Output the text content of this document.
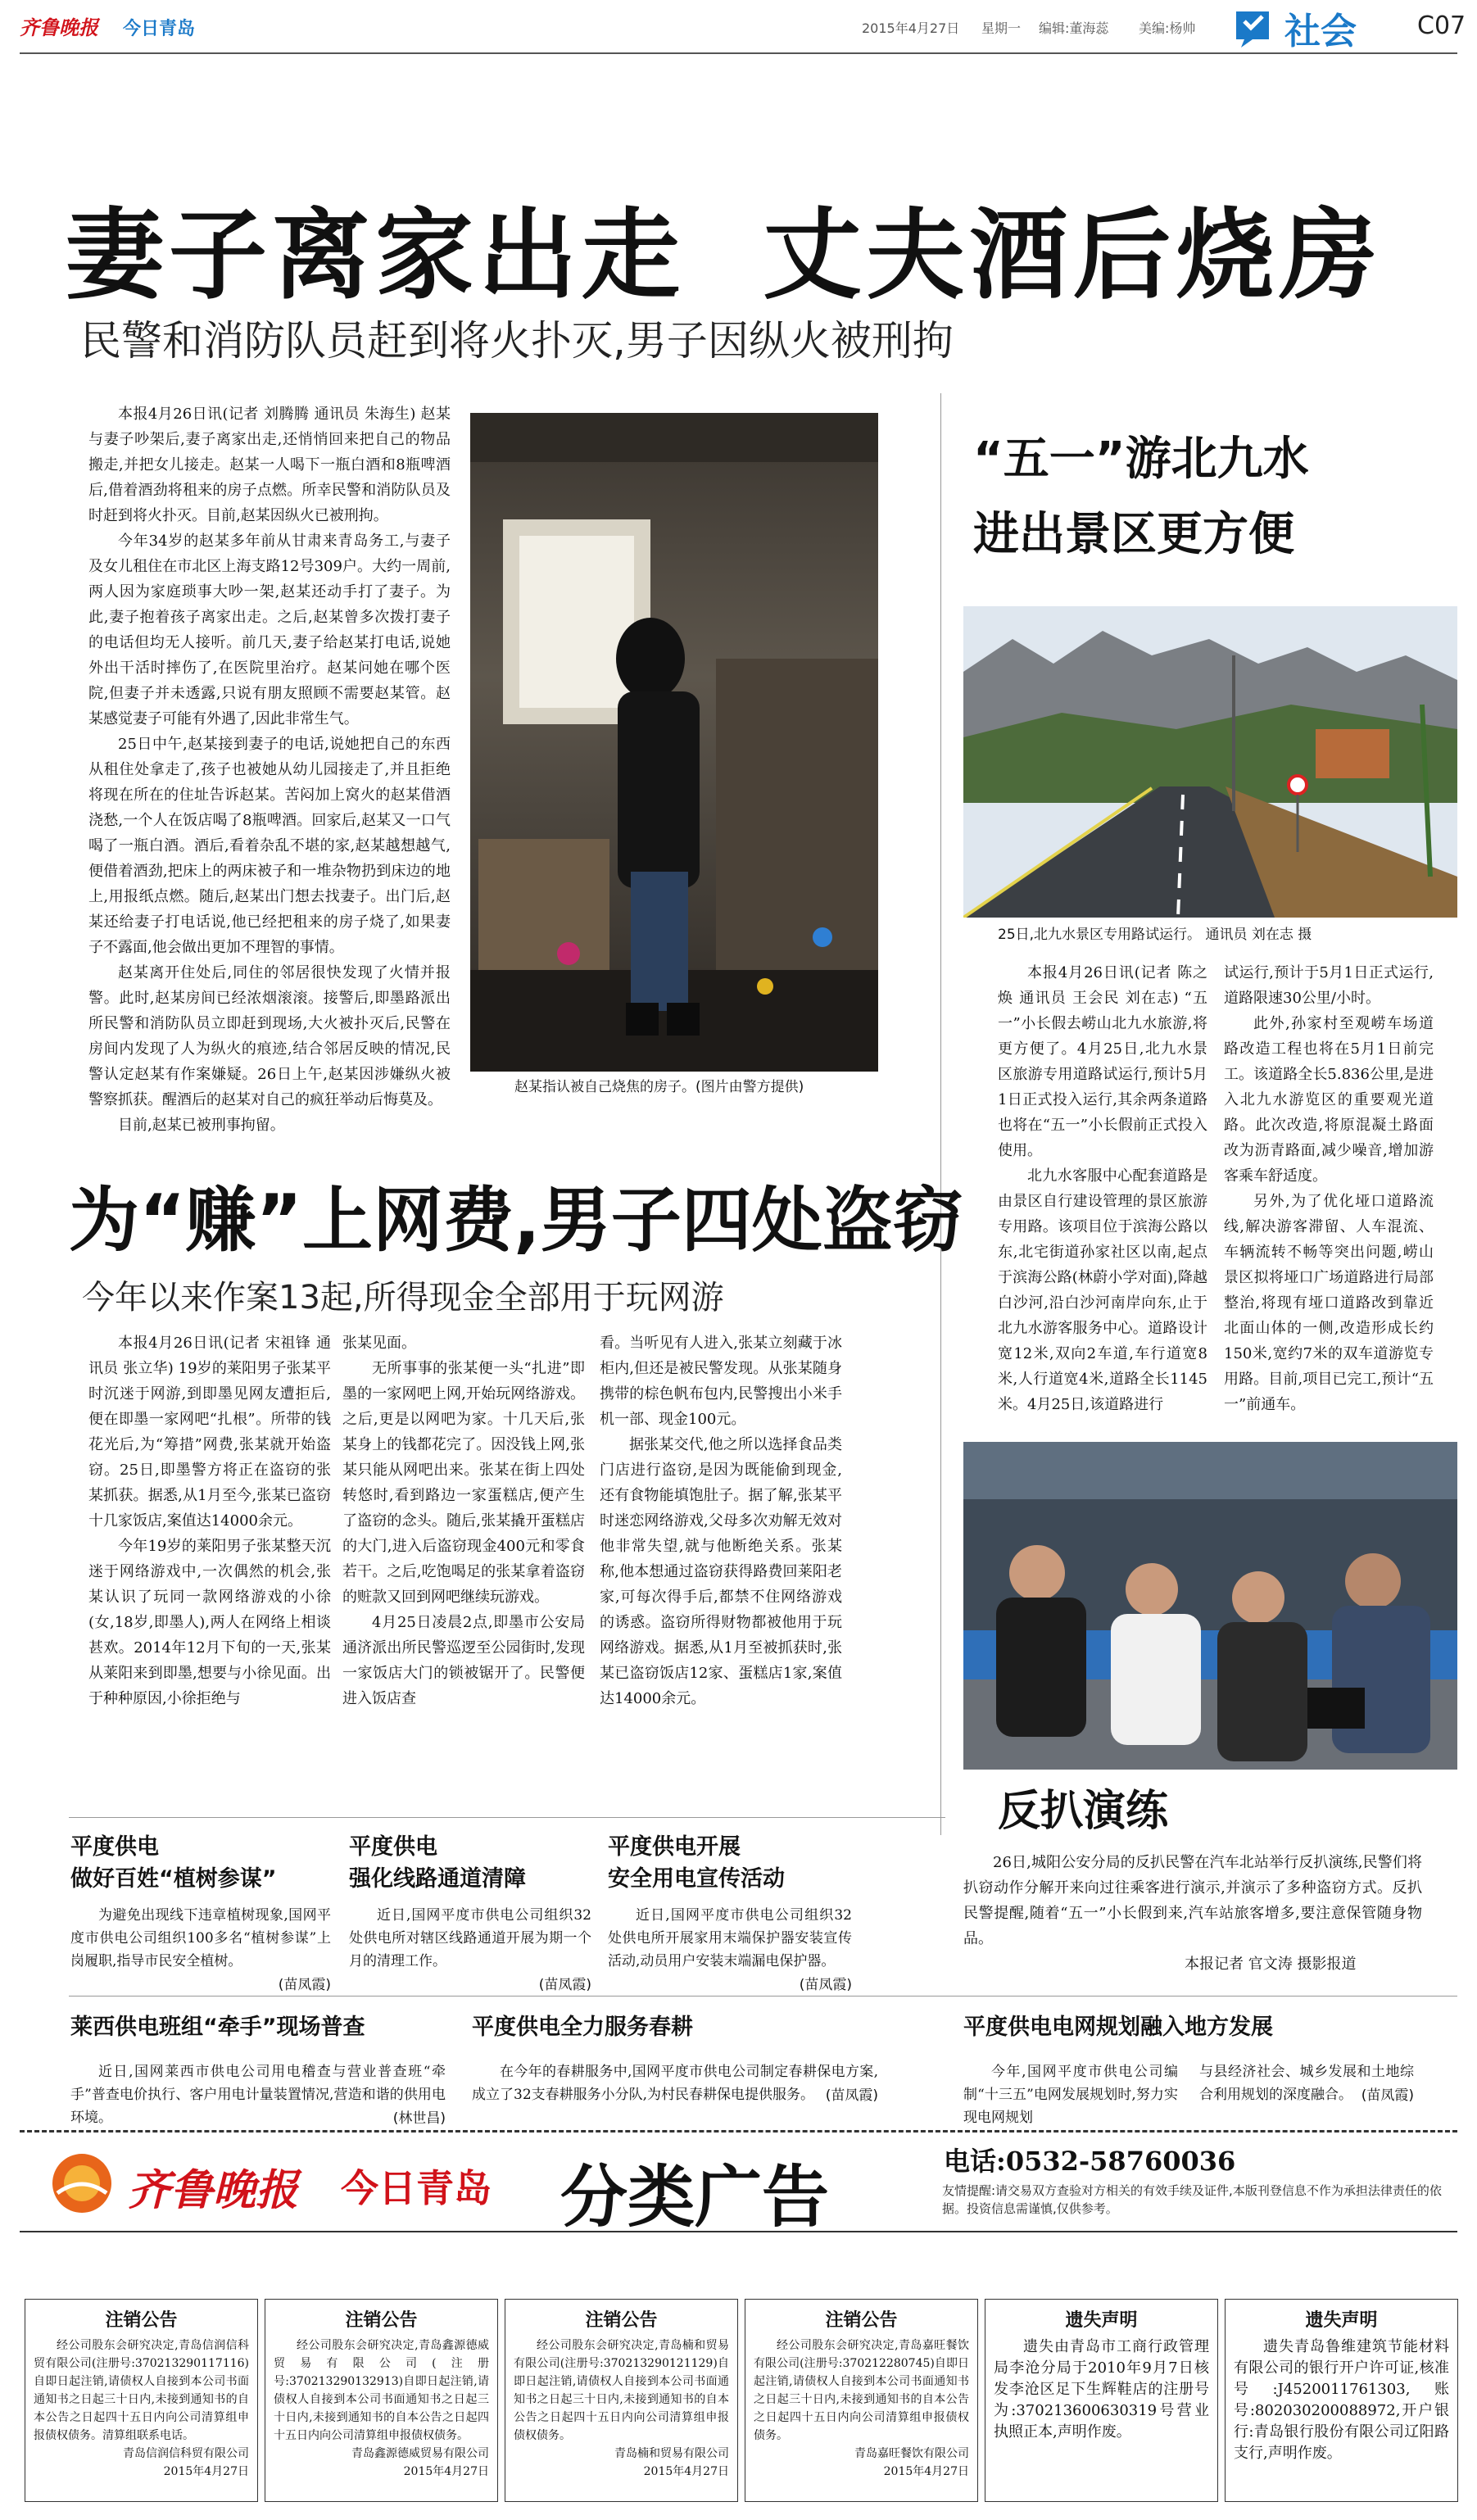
齐鲁晚报 今日青岛	2015年4月27日 星期一 编辑:董海蕊 美编:杨帅 社会 C07
妻子离家出走  丈夫酒后烧房
民警和消防队员赶到将火扑灭,男子因纵火被刑拘

本报4月26日讯(记者 刘腾腾 通讯员 朱海生) 赵某与妻子吵架后,妻子离家出走,还悄悄回来把自己的物品搬走,并把女儿接走。赵某一人喝下一瓶白酒和8瓶啤酒后,借着酒劲将租来的房子点燃。所幸民警和消防队员及时赶到将火扑灭。目前,赵某因纵火已被刑拘。

今年34岁的赵某多年前从甘肃来青岛务工,与妻子及女儿租住在市北区上海支路12号309户。大约一周前,两人因为家庭琐事大吵一架,赵某还动手打了妻子。为此,妻子抱着孩子离家出走。之后,赵某曾多次拨打妻子的电话但均无人接听。前几天,妻子给赵某打电话,说她外出干活时摔伤了,在医院里治疗。赵某问她在哪个医院,但妻子并未透露,只说有朋友照顾不需要赵某管。赵某感觉妻子可能有外遇了,因此非常生气。

25日中午,赵某接到妻子的电话,说她把自己的东西从租住处拿走了,孩子也被她从幼儿园接走了,并且拒绝将现在所在的住址告诉赵某。苦闷加上窝火的赵某借酒浇愁,一个人在饭店喝了8瓶啤酒。回家后,赵某又一口气喝了一瓶白酒。酒后,看着杂乱不堪的家,赵某越想越气,便借着酒劲,把床上的两床被子和一堆杂物扔到床边的地上,用报纸点燃。随后,赵某出门想去找妻子。出门后,赵某还给妻子打电话说,他已经把租来的房子烧了,如果妻子不露面,他会做出更加不理智的事情。

赵某离开住处后,同住的邻居很快发现了火情并报警。此时,赵某房间已经浓烟滚滚。接警后,即墨路派出所民警和消防队员立即赶到现场,大火被扑灭后,民警在房间内发现了人为纵火的痕迹,结合邻居反映的情况,民警认定赵某有作案嫌疑。26日上午,赵某因涉嫌纵火被警察抓获。醒酒后的赵某对自己的疯狂举动后悔莫及。

目前,赵某已被刑事拘留。

赵某指认被自己烧焦的房子。(图片由警方提供)
“五一”游北九水
进出景区更方便
25日,北九水景区专用路试运行。 通讯员 刘在志 摄

本报4月26日讯(记者 陈之焕 通讯员 王会民 刘在志) “五一”小长假去崂山北九水旅游,将更方便了。4月25日,北九水景区旅游专用道路试运行,预计5月1日正式投入运行,其余两条道路也将在“五一”小长假前正式投入使用。

北九水客服中心配套道路是由景区自行建设管理的景区旅游专用路。该项目位于滨海公路以东,北宅街道孙家社区以南,起点于滨海公路(林蔚小学对面),降越白沙河,沿白沙河南岸向东,止于北九水游客服务中心。道路设计宽12米,双向2车道,车行道宽8米,人行道宽4米,道路全长1145米。4月25日,该道路进行

试运行,预计于5月1日正式运行,道路限速30公里/小时。

此外,孙家村至观崂车场道路改造工程也将在5月1日前完工。该道路全长5.836公里,是进入北九水游览区的重要观光道路。此次改造,将原混凝土路面改为沥青路面,减少噪音,增加游客乘车舒适度。

另外,为了优化垭口道路流线,解决游客滞留、人车混流、车辆流转不畅等突出问题,崂山景区拟将垭口广场道路进行局部整治,将现有垭口道路改到靠近北面山体的一侧,改造形成长约150米,宽约7米的双车道游览专用路。目前,项目已完工,预计“五一”前通车。

为“赚”上网费,男子四处盗窃
今年以来作案13起,所得现金全部用于玩网游

本报4月26日讯(记者 宋祖锋 通讯员 张立华) 19岁的莱阳男子张某平时沉迷于网游,到即墨见网友遭拒后,便在即墨一家网吧“扎根”。所带的钱花光后,为“筹措”网费,张某就开始盗窃。25日,即墨警方将正在盗窃的张某抓获。据悉,从1月至今,张某已盗窃十几家饭店,案值达14000余元。

今年19岁的莱阳男子张某整天沉迷于网络游戏中,一次偶然的机会,张某认识了玩同一款网络游戏的小徐(女,18岁,即墨人),两人在网络上相谈甚欢。2014年12月下旬的一天,张某从莱阳来到即墨,想要与小徐见面。出于种种原因,小徐拒绝与

张某见面。

无所事事的张某便一头“扎进”即墨的一家网吧上网,开始玩网络游戏。之后,更是以网吧为家。十几天后,张某身上的钱都花完了。因没钱上网,张某只能从网吧出来。张某在街上四处转悠时,看到路边一家蛋糕店,便产生了盗窃的念头。随后,张某撬开蛋糕店的大门,进入后盗窃现金400元和零食若干。之后,吃饱喝足的张某拿着盗窃的赃款又回到网吧继续玩游戏。

4月25日凌晨2点,即墨市公安局通济派出所民警巡逻至公园街时,发现一家饭店大门的锁被锯开了。民警便进入饭店查

看。当听见有人进入,张某立刻藏于冰柜内,但还是被民警发现。从张某随身携带的棕色帆布包内,民警搜出小米手机一部、现金100元。

据张某交代,他之所以选择食品类门店进行盗窃,是因为既能偷到现金,还有食物能填饱肚子。据了解,张某平时迷恋网络游戏,父母多次劝解无效对他非常失望,就与他断绝关系。张某称,他本想通过盗窃获得路费回莱阳老家,可每次得手后,都禁不住网络游戏的诱惑。盗窃所得财物都被他用于玩网络游戏。据悉,从1月至被抓获时,张某已盗窃饭店12家、蛋糕店1家,案值达14000余元。

反扒演练

26日,城阳公安分局的反扒民警在汽车北站举行反扒演练,民警们将扒窃动作分解开来向过往乘客进行演示,并演示了多种盗窃方式。反扒民警提醒,随着“五一”小长假到来,汽车站旅客增多,要注意保管随身物品。

本报记者 官文涛 摄影报道

平度供电
做好百姓“植树参谋”

为避免出现线下违章植树现象,国网平度市供电公司组织100多名“植树参谋”上岗履职,指导市民安全植树。

(苗凤霞)
平度供电
强化线路通道清障

近日,国网平度市供电公司组织32处供电所对辖区线路通道开展为期一个月的清理工作。

(苗凤霞)
平度供电开展
安全用电宣传活动

近日,国网平度市供电公司组织32处供电所开展家用末端保护器安装宣传活动,动员用户安装末端漏电保护器。

(苗凤霞)
莱西供电班组“牵手”现场普查

近日,国网莱西市供电公司用电稽查与营业普查班“牵手”普查电价执行、客户用电计量装置情况,营造和谐的供用电环境。	(林世昌)
平度供电全力服务春耕

在今年的春耕服务中,国网平度市供电公司制定春耕保电方案,成立了32支春耕服务小分队,为村民春耕保电提供服务。 (苗凤霞)
平度供电电网规划融入地方发展

今年,国网平度市供电公司编制“十三五”电网发展规划时,努力实现电网规划

与县经济社会、城乡发展和土地综合利用规划的深度融合。 (苗凤霞)
齐鲁晚报 今日青岛 分类广告	电话:0532-58760036
友情提醒:请交易双方查验对方相关的有效手续及证件,本版刊登信息不作为承担法律责任的依据。投资信息需谨慎,仅供参考。

注销公告

经公司股东会研究决定,青岛信润信科贸有限公司(注册号:370213290117116)自即日起注销,请债权人自接到本公司书面通知书之日起三十日内,未接到通知书的自本公告之日起四十五日内向公司清算组申报债权债务。清算组联系电话。

青岛信润信科贸有限公司

2015年4月27日

注销公告

经公司股东会研究决定,青岛鑫源德威贸易有限公司(注册号:370213290132913)自即日起注销,请债权人自接到本公司书面通知书之日起三十日内,未接到通知书的自本公告之日起四十五日内向公司清算组申报债权债务。

青岛鑫源德威贸易有限公司

2015年4月27日

注销公告

经公司股东会研究决定,青岛楠和贸易有限公司(注册号:370213290121129)自即日起注销,请债权人自接到本公司书面通知书之日起三十日内,未接到通知书的自本公告之日起四十五日内向公司清算组申报债权债务。

青岛楠和贸易有限公司

2015年4月27日

注销公告

经公司股东会研究决定,青岛嘉旺餐饮有限公司(注册号:370212280745)自即日起注销,请债权人自接到本公司书面通知书之日起三十日内,未接到通知书的自本公告之日起四十五日内向公司清算组申报债权债务。

青岛嘉旺餐饮有限公司

2015年4月27日

遗失声明

遗失由青岛市工商行政管理局李沧分局于2010年9月7日核发李沧区足下生辉鞋店的注册号为:370213600630319号营业执照正本,声明作废。

遗失声明

遗失青岛鲁维建筑节能材料有限公司的银行开户许可证,核准号:J4520011761303,账号:802030200088972,开户银行:青岛银行股份有限公司辽阳路支行,声明作废。
